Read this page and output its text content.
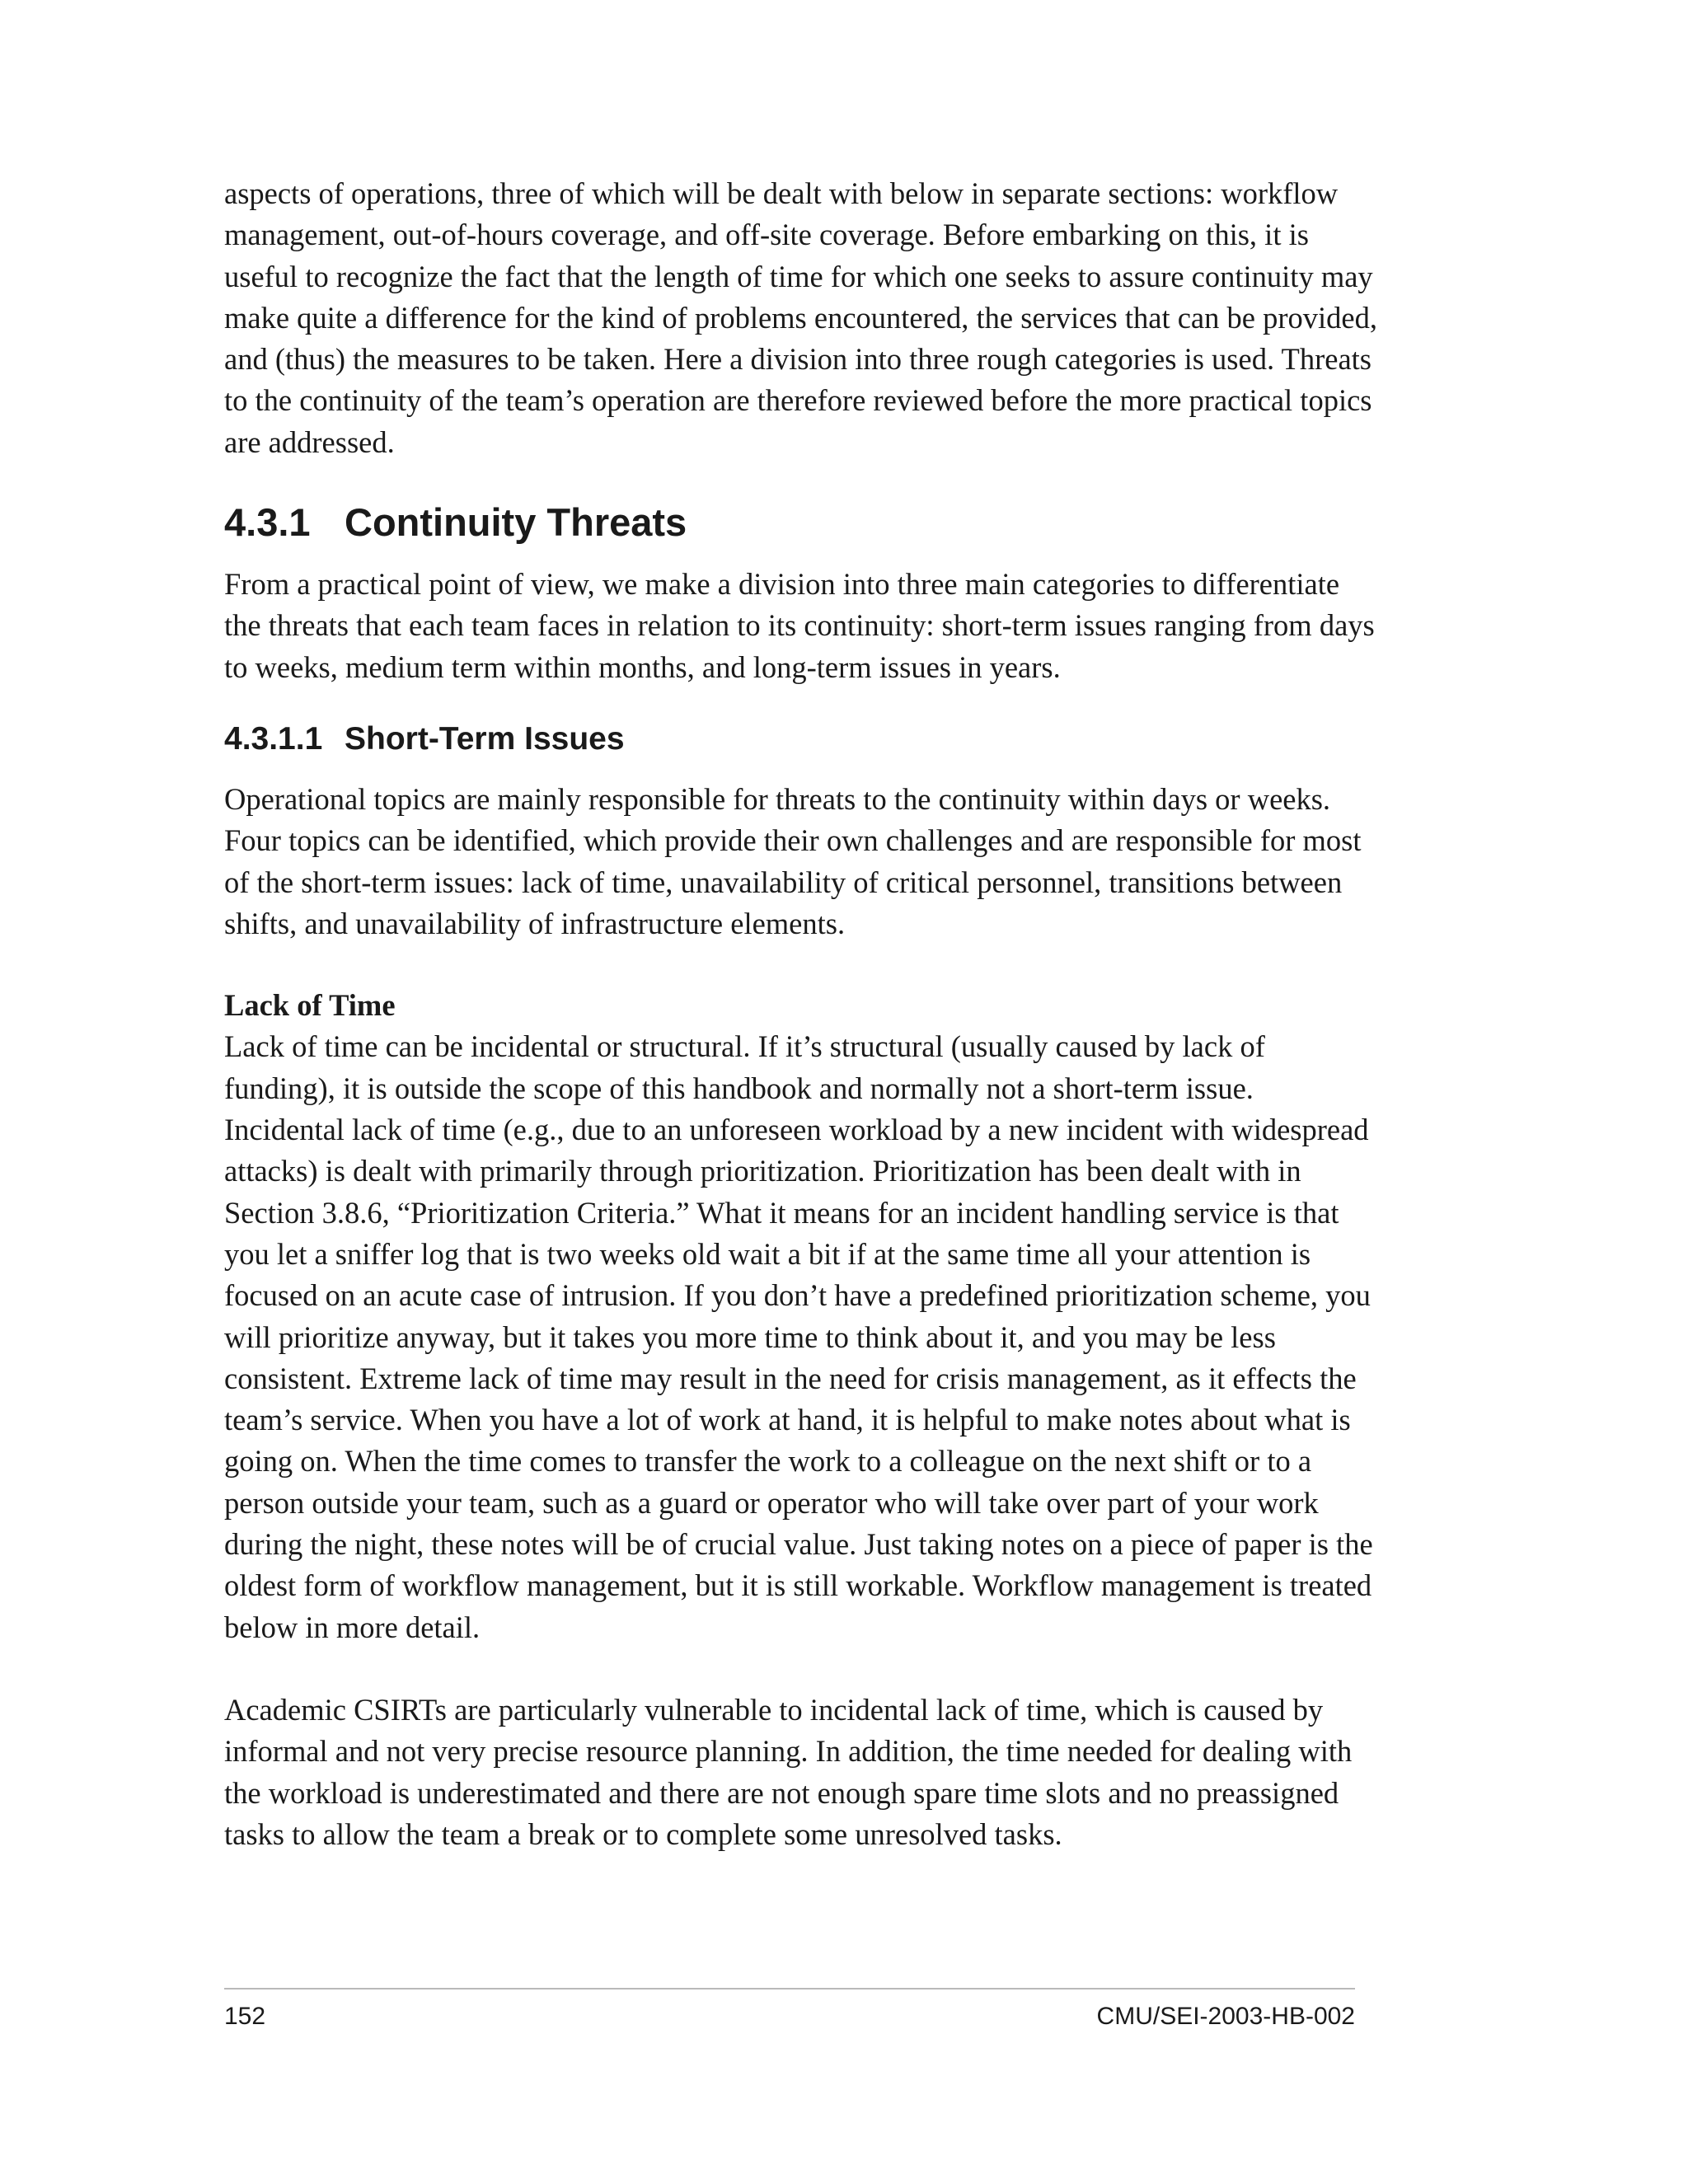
aspects of operations, three of which will be dealt with below in separate sections: workflow management, out-of-hours coverage, and off-site coverage. Before embarking on this, it is useful to recognize the fact that the length of time for which one seeks to assure continuity may make quite a difference for the kind of problems encountered, the services that can be provided, and (thus) the measures to be taken. Here a division into three rough categories is used. Threats to the continuity of the team’s operation are therefore reviewed before the more practical topics are addressed.

4.3.1 Continuity Threats

From a practical point of view, we make a division into three main categories to differentiate the threats that each team faces in relation to its continuity: short-term issues ranging from days to weeks, medium term within months, and long-term issues in years.

4.3.1.1 Short-Term Issues

Operational topics are mainly responsible for threats to the continuity within days or weeks. Four topics can be identified, which provide their own challenges and are responsible for most of the short-term issues: lack of time, unavailability of critical personnel, transitions between shifts, and unavailability of infrastructure elements.

Lack of Time

Lack of time can be incidental or structural. If it’s structural (usually caused by lack of funding), it is outside the scope of this handbook and normally not a short-term issue. Incidental lack of time (e.g., due to an unforeseen workload by a new incident with widespread attacks) is dealt with primarily through prioritization. Prioritization has been dealt with in Section 3.8.6, “Prioritization Criteria.” What it means for an incident handling service is that you let a sniffer log that is two weeks old wait a bit if at the same time all your attention is focused on an acute case of intrusion. If you don’t have a predefined prioritization scheme, you will prioritize anyway, but it takes you more time to think about it, and you may be less consistent. Extreme lack of time may result in the need for crisis management, as it effects the team’s service. When you have a lot of work at hand, it is helpful to make notes about what is going on. When the time comes to transfer the work to a colleague on the next shift or to a person outside your team, such as a guard or operator who will take over part of your work during the night, these notes will be of crucial value. Just taking notes on a piece of paper is the oldest form of workflow management, but it is still workable. Workflow management is treated below in more detail.

Academic CSIRTs are particularly vulnerable to incidental lack of time, which is caused by informal and not very precise resource planning. In addition, the time needed for dealing with the workload is underestimated and there are not enough spare time slots and no preassigned tasks to allow the team a break or to complete some unresolved tasks.

152	CMU/SEI-2003-HB-002
